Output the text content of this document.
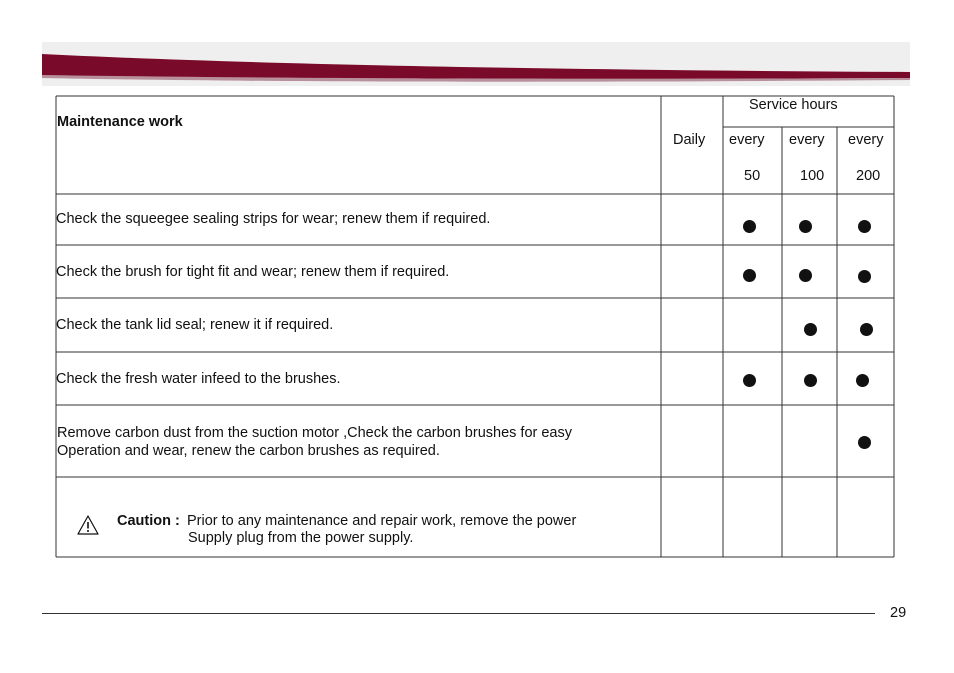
Maintenance work
Daily
Service hours
every
50
every
100
every
200
Check the squeegee sealing strips for wear; renew them if required.
Check the brush for tight fit and wear; renew them if required.
Check the tank lid seal; renew it if required.
Check the fresh water infeed to the brushes.
Remove carbon dust from the suction motor ,Check the carbon brushes for easy
Operation and wear, renew the carbon brushes as required.
Caution : Prior to any maintenance and repair work, remove the power
Supply plug from the power supply.
29
